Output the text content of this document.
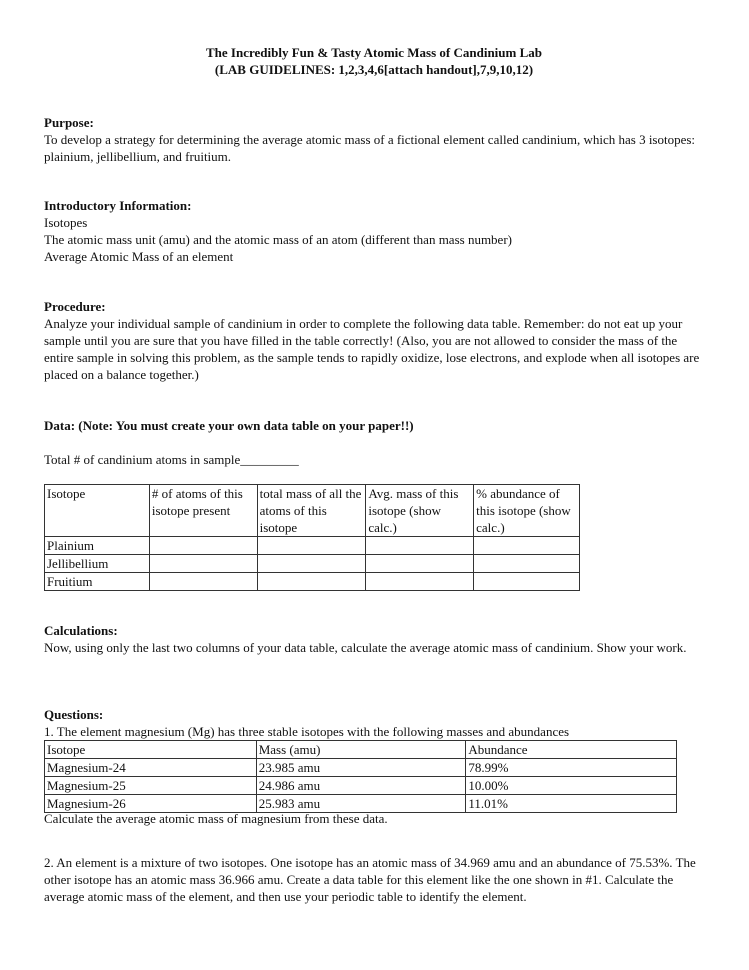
The Incredibly Fun & Tasty Atomic Mass of Candinium Lab
(LAB GUIDELINES: 1,2,3,4,6[attach handout],7,9,10,12)

Purpose:

To develop a strategy for determining the average atomic mass of a fictional element called candinium, which has 3 isotopes: plainium, jellibellium, and fruitium.

Introductory Information:

Isotopes

The atomic mass unit (amu) and the atomic mass of an atom (different than mass number)

Average Atomic Mass of an element

Procedure:

Analyze your individual sample of candinium in order to complete the following data table. Remember: do not eat up your sample until you are sure that you have filled in the table correctly! (Also, you are not allowed to consider the mass of the entire sample in solving this problem, as the sample tends to rapidly oxidize, lose electrons, and explode when all isotopes are placed on a balance together.)

Data: (Note: You must create your own data table on your paper!!)

Total # of candinium atoms in sample_________

Isotope	# of atoms of this isotope present	total mass of all the atoms of this isotope	Avg. mass of this isotope (show calc.)	% abundance of this isotope (show calc.)
Plainium				
Jellibellium				
Fruitium				

Calculations:

Now, using only the last two columns of your data table, calculate the average atomic mass of candinium. Show your work.

Questions:

1. The element magnesium (Mg) has three stable isotopes with the following masses and abundances

Isotope	Mass (amu)	Abundance
Magnesium-24	23.985 amu	78.99%
Magnesium-25	24.986 amu	10.00%
Magnesium-26	25.983 amu	11.01%

Calculate the average atomic mass of magnesium from these data.

2. An element is a mixture of two isotopes. One isotope has an atomic mass of 34.969 amu and an abundance of 75.53%. The other isotope has an atomic mass 36.966 amu. Create a data table for this element like the one shown in #1. Calculate the average atomic mass of the element, and then use your periodic table to identify the element.
